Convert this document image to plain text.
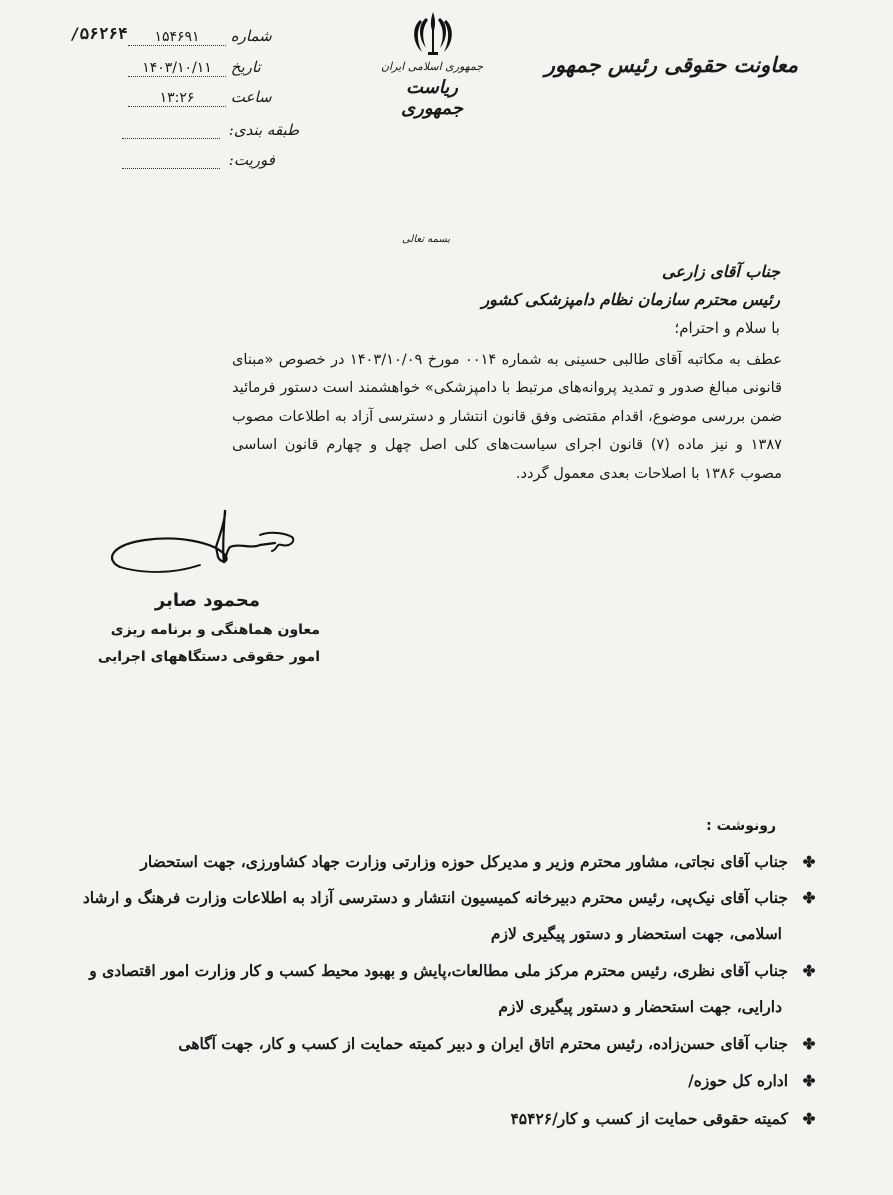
۵۶۲۶۴/	شماره ۱۵۴۶۹۱
تاریخ ۱۴۰۳/۱۰/۱۱
ساعت ۱۳:۲۶
طبقه بندی:
فوریت:
جمهوری اسلامی ایران
ریاست جمهوری
معاونت حقوقی رئیس جمهور
بسمه تعالی
جناب آقای زارعی
رئیس محترم سازمان نظام دامپزشکی کشور
با سلام و احترام؛
عطف به مکاتبه آقای طالبی حسینی به شماره ۰۰۱۴ مورخ ۱۴۰۳/۱۰/۰۹ در خصوص «مبنای قانونی مبالغ صدور و تمدید پروانه‌های مرتبط با دامپزشکی» خواهشمند است دستور فرمائید ضمن بررسی موضوع، اقدام مقتضی وفق قانون انتشار و دسترسی آزاد به اطلاعات مصوب ۱۳۸۷ و نیز ماده (۷) قانون اجرای سیاست‌های کلی اصل چهل و چهارم قانون اساسی مصوب ۱۳۸۶ با اصلاحات بعدی معمول گردد.
محمود صابر
معاون هماهنگی و برنامه ریزی
امور حقوقی دستگاههای اجرایی
رونوشت :
✤جناب آقای نجاتی، مشاور محترم وزیر و مدیرکل حوزه وزارتی وزارت جهاد کشاورزی، جهت استحضار
✤جناب آقای نیک‌پی، رئیس محترم دبیرخانه کمیسیون انتشار و دسترسی آزاد به اطلاعات وزارت فرهنگ و ارشاد
اسلامی، جهت استحضار و دستور پیگیری لازم
✤جناب آقای نظری، رئیس محترم مرکز ملی مطالعات،پایش و بهبود محیط کسب و کار وزارت امور اقتصادی و
دارایی، جهت استحضار و دستور پیگیری لازم
✤جناب آقای حسن‌زاده، رئیس محترم اتاق ایران و دبیر کمیته حمایت از کسب و کار، جهت آگاهی
✤اداره کل حوزه/
✤کمیته حقوقی حمایت از کسب و کار/۴۵۴۲۶
